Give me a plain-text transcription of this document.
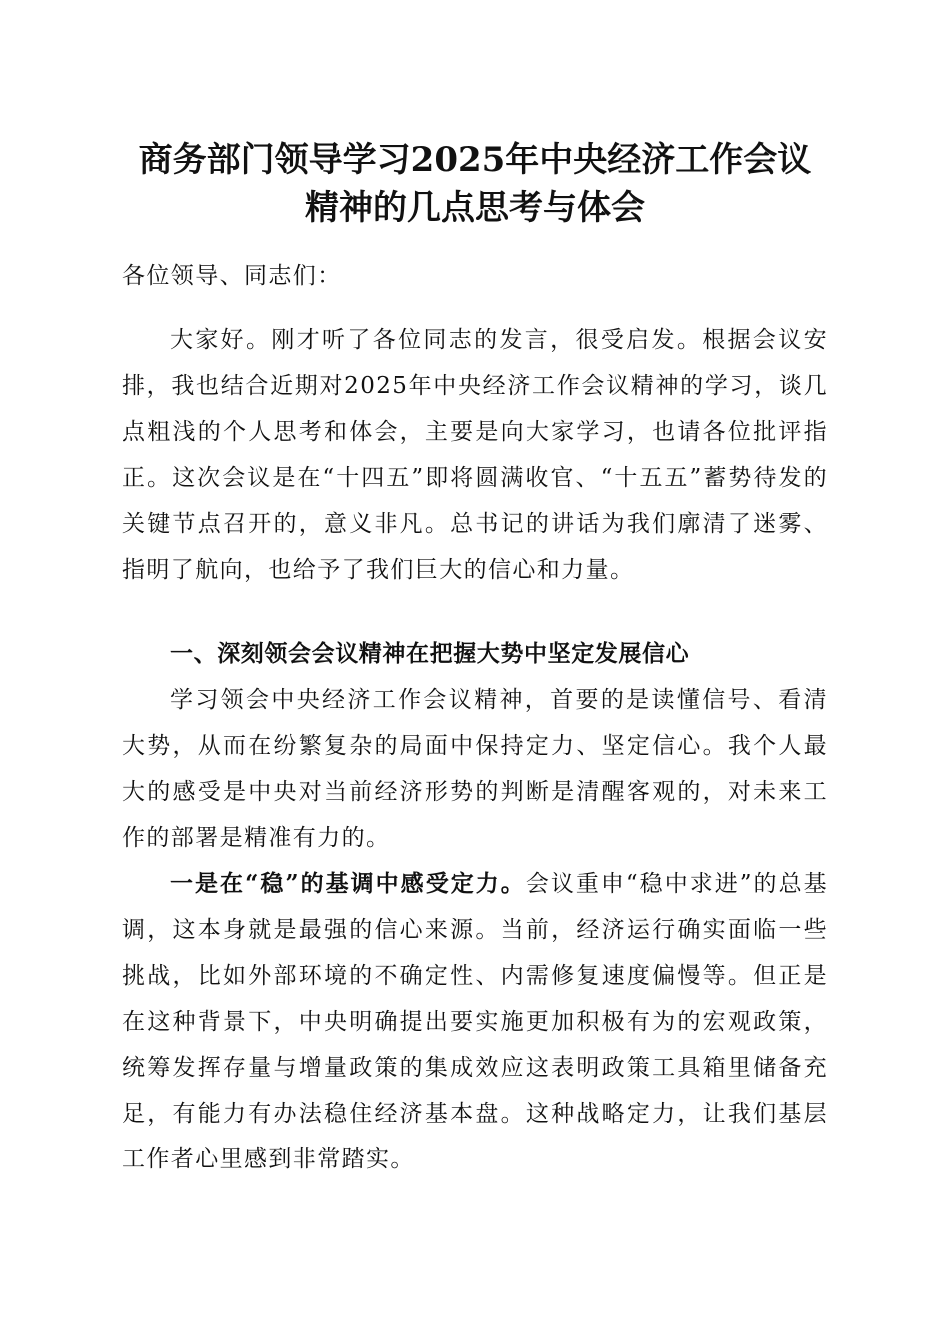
商务部门领导学习2025年中央经济工作会议
精神的几点思考与体会
各位领导、同志们：
大家好。刚才听了各位同志的发言，很受启发。根据会议安排，我也结合近期对2025年中央经济工作会议精神的学习，谈几点粗浅的个人思考和体会，主要是向大家学习，也请各位批评指正。这次会议是在“十四五”即将圆满收官、“十五五”蓄势待发的关键节点召开的，意义非凡。总书记的讲话为我们廓清了迷雾、指明了航向，也给予了我们巨大的信心和力量。
一、深刻领会会议精神在把握大势中坚定发展信心
学习领会中央经济工作会议精神，首要的是读懂信号、看清大势，从而在纷繁复杂的局面中保持定力、坚定信心。我个人最大的感受是中央对当前经济形势的判断是清醒客观的，对未来工作的部署是精准有力的。
一是在“稳”的基调中感受定力。会议重申“稳中求进”的总基调，这本身就是最强的信心来源。当前，经济运行确实面临一些挑战，比如外部环境的不确定性、内需修复速度偏慢等。但正是在这种背景下，中央明确提出要实施更加积极有为的宏观政策，统筹发挥存量与增量政策的集成效应这表明政策工具箱里储备充足，有能力有办法稳住经济基本盘。这种战略定力，让我们基层工作者心里感到非常踏实。
